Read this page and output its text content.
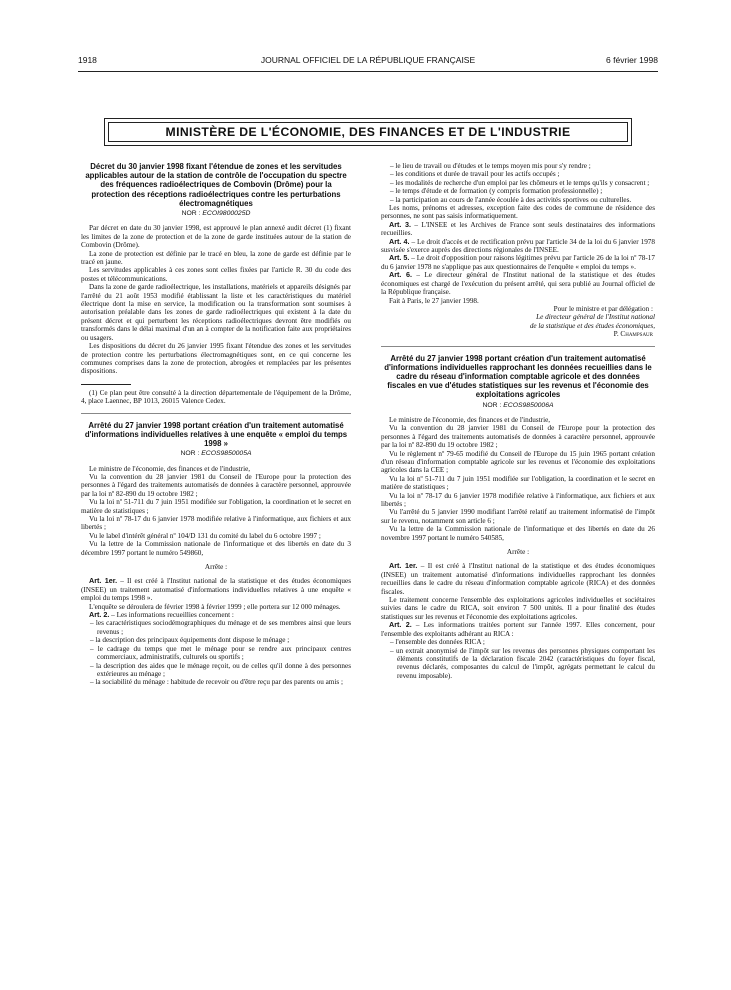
1918	JOURNAL OFFICIEL DE LA RÉPUBLIQUE FRANÇAISE	6 février 1998
MINISTÈRE DE L'ÉCONOMIE, DES FINANCES ET DE L'INDUSTRIE
Décret du 30 janvier 1998 fixant l'étendue de zones et les servitudes applicables autour de la station de contrôle de l'occupation du spectre des fréquences radioélectriques de Combovin (Drôme) pour la protection des réceptions radioélectriques contre les perturbations électromagnétiques
NOR : ECOI9800025D

Par décret en date du 30 janvier 1998, est approuvé le plan annexé audit décret (1) fixant les limites de la zone de protection et de la zone de garde instituées autour de la station de Combovin (Drôme).

La zone de protection est définie par le tracé en bleu, la zone de garde est définie par le tracé en jaune.

Les servitudes applicables à ces zones sont celles fixées par l'article R. 30 du code des postes et télécommunications.

Dans la zone de garde radioélectrique, les installations, matériels et appareils désignés par l'arrêté du 21 août 1953 modifié établissant la liste et les caractéristiques du matériel électrique dont la mise en service, la modification ou la transformation sont soumises à autorisation préalable dans les zones de garde radioélectriques qui existent à la date du présent décret et qui perturbent les réceptions radioélectriques devront être modifiés ou transformés dans le délai maximal d'un an à compter de la notification faite aux propriétaires ou usagers.

Les dispositions du décret du 26 janvier 1995 fixant l'étendue des zones et les servitudes de protection contre les perturbations électromagnétiques sont, en ce qui concerne les communes comprises dans la zone de protection, abrogées et remplacées par les présentes dispositions.

(1) Ce plan peut être consulté à la direction départementale de l'équipement de la Drôme, 4, place Laennec, BP 1013, 26015 Valence Cedex.

Arrêté du 27 janvier 1998 portant création d'un traitement automatisé d'informations individuelles relatives à une enquête « emploi du temps 1998 »
NOR : ECOS9850005A

Le ministre de l'économie, des finances et de l'industrie,

Vu la convention du 28 janvier 1981 du Conseil de l'Europe pour la protection des personnes à l'égard des traitements automatisés de données à caractère personnel, approuvée par la loi nº 82-890 du 19 octobre 1982 ;

Vu la loi nº 51-711 du 7 juin 1951 modifiée sur l'obligation, la coordination et le secret en matière de statistiques ;

Vu la loi nº 78-17 du 6 janvier 1978 modifiée relative à l'informatique, aux fichiers et aux libertés ;

Vu le label d'intérêt général nº 104/D 131 du comité du label du 6 octobre 1997 ;

Vu la lettre de la Commission nationale de l'informatique et des libertés en date du 3 décembre 1997 portant le numéro 549860,

Arrête :

Art. 1er. – Il est créé à l'Institut national de la statistique et des études économiques (INSEE) un traitement automatisé d'informations individuelles relatives à une enquête « emploi du temps 1998 ».

L'enquête se déroulera de février 1998 à février 1999 ; elle portera sur 12 000 ménages.

Art. 2. – Les informations recueillies concernent :

– les caractéristiques sociodémographiques du ménage et de ses membres ainsi que leurs revenus ;
– la description des principaux équipements dont dispose le ménage ;
– le cadrage du temps que met le ménage pour se rendre aux principaux centres commerciaux, administratifs, culturels ou sportifs ;
– la description des aides que le ménage reçoit, ou de celles qu'il donne à des personnes extérieures au ménage ;
– la sociabilité du ménage : habitude de recevoir ou d'être reçu par des parents ou amis ;
– le lieu de travail ou d'études et le temps moyen mis pour s'y rendre ;
– les conditions et durée de travail pour les actifs occupés ;
– les modalités de recherche d'un emploi par les chômeurs et le temps qu'ils y consacrent ;
– le temps d'étude et de formation (y compris formation professionnelle) ;
– la participation au cours de l'année écoulée à des activités sportives ou culturelles.

Les noms, prénoms et adresses, exception faite des codes de commune de résidence des personnes, ne sont pas saisis informatiquement.

Art. 3. – L'INSEE et les Archives de France sont seuls destinataires des informations recueillies.

Art. 4. – Le droit d'accès et de rectification prévu par l'article 34 de la loi du 6 janvier 1978 susvisée s'exerce auprès des directions régionales de l'INSEE.

Art. 5. – Le droit d'opposition pour raisons légitimes prévu par l'article 26 de la loi nº 78-17 du 6 janvier 1978 ne s'applique pas aux questionnaires de l'enquête « emploi du temps ».

Art. 6. – Le directeur général de l'Institut national de la statistique et des études économiques est chargé de l'exécution du présent arrêté, qui sera publié au Journal officiel de la République française.

Fait à Paris, le 27 janvier 1998.

Pour le ministre et par délégation :

Le directeur général de l'Institut national

de la statistique et des études économiques,

P. Champsaur

Arrêté du 27 janvier 1998 portant création d'un traitement automatisé d'informations individuelles rapprochant les données recueillies dans le cadre du réseau d'information comptable agricole et des données fiscales en vue d'études statistiques sur les revenus et l'économie des exploitations agricoles
NOR : ECOS9850006A

Le ministre de l'économie, des finances et de l'industrie,

Vu la convention du 28 janvier 1981 du Conseil de l'Europe pour la protection des personnes à l'égard des traitements automatisés de données à caractère personnel, approuvée par la loi nº 82-890 du 19 octobre 1982 ;

Vu le règlement nº 79-65 modifié du Conseil de l'Europe du 15 juin 1965 portant création d'un réseau d'information comptable agricole sur les revenus et l'économie des exploitations agricoles dans la CEE ;

Vu la loi nº 51-711 du 7 juin 1951 modifiée sur l'obligation, la coordination et le secret en matière de statistiques ;

Vu la loi nº 78-17 du 6 janvier 1978 modifiée relative à l'informatique, aux fichiers et aux libertés ;

Vu l'arrêté du 5 janvier 1990 modifiant l'arrêté relatif au traitement informatisé de l'impôt sur le revenu, notamment son article 6 ;

Vu la lettre de la Commission nationale de l'informatique et des libertés en date du 26 novembre 1997 portant le numéro 540585,

Arrête :

Art. 1er. – Il est créé à l'Institut national de la statistique et des études économiques (INSEE) un traitement automatisé d'informations individuelles rapprochant les données recueillies dans le cadre du réseau d'information comptable agricole (RICA) et des données fiscales.

Le traitement concerne l'ensemble des exploitations agricoles individuelles et sociétaires suivies dans le cadre du RICA, soit environ 7 500 unités. Il a pour finalité des études statistiques sur les revenus et l'économie des exploitations agricoles.

Art. 2. – Les informations traitées portent sur l'année 1997. Elles concernent, pour l'ensemble des exploitants adhérant au RICA :

– l'ensemble des données RICA ;
– un extrait anonymisé de l'impôt sur les revenus des personnes physiques comportant les éléments constitutifs de la déclaration fiscale 2042 (caractéristiques du foyer fiscal, revenus déclarés, composantes du calcul de l'impôt, agrégats permettant le calcul du revenu imposable).
